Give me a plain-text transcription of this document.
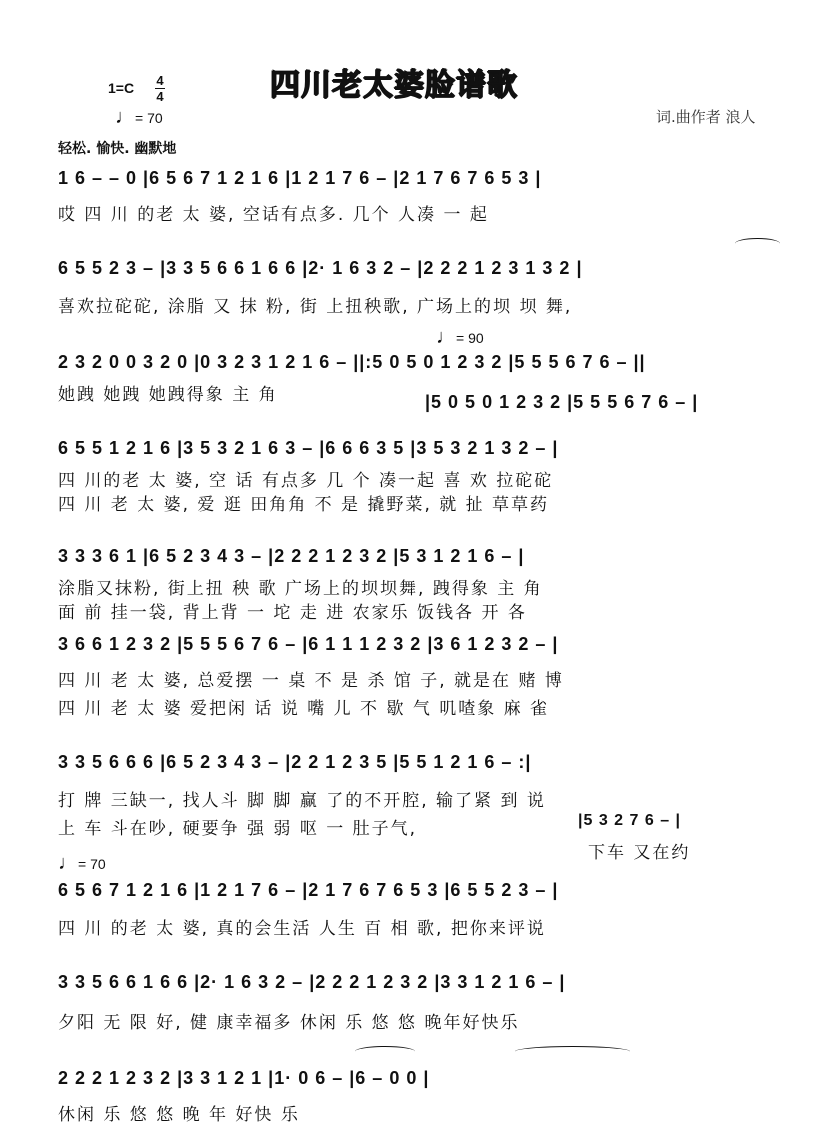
四川老太婆脸谱歌
1=C 4
4
♩= 70	词.曲作者 浪人
轻松. 愉快. 幽默地
1 6 – – 0 |6 5 6 7 1 2 1 6 |1 2 1 7 6 – |2 1 7 6 7 6 5 3 |
哎 四 川 的老 太 婆, 空话有点多. 几个 人凑 一 起
6 5 5 2 3 – |3 3 5 6 6 1 6 6 |2· 1 6 3 2 – |2 2 2 1 2 3 1 3 2 |
喜欢拉砣砣, 涂脂 又 抹 粉, 街 上扭秧歌, 广场上的坝 坝 舞,
♩= 90
2 3 2 0 0 3 2 0 |0 3 2 3 1 2 1 6 – ||:5 0 5 0 1 2 3 2 |5 5 5 6 7 6 – ||
|5 0 5 0 1 2 3 2 |5 5 5 6 7 6 – |
她跩 她跩 她跩得象 主 角
6 5 5 1 2 1 6 |3 5 3 2 1 6 3 – |6 6 6 3 5 |3 5 3 2 1 3 2 – |
四 川的老 太 婆, 空 话 有点多 几 个 凑一起 喜 欢 拉砣砣
四 川 老 太 婆, 爱 逛 田角角 不 是 撬野菜, 就 扯 草草药
3 3 3 6 1 |6 5 2 3 4 3 – |2 2 2 1 2 3 2 |5 3 1 2 1 6 – |
涂脂又抹粉, 街上扭 秧 歌 广场上的坝坝舞, 跩得象 主 角
面 前 挂一袋, 背上背 一 坨 走 进 农家乐 饭钱各 开 各
3 6 6 1 2 3 2 |5 5 5 6 7 6 – |6 1 1 1 2 3 2 |3 6 1 2 3 2 – |
四 川 老 太 婆, 总爱摆 一 桌 不 是 杀 馆 子, 就是在 赌 博
四 川 老 太 婆 爱把闲 话 说 嘴 儿 不 歇 气 叽喳象 麻 雀
3 3 5 6 6 6 |6 5 2 3 4 3 – |2 2 1 2 3 5 |5 5 1 2 1 6 – :|
打 牌 三缺一, 找人斗 脚 脚 赢 了的不开腔, 输了紧 到 说
上 车 斗在吵, 硬要争 强 弱 呕 一 肚子气,	|5 3 2 7 6 – |
下车 又在约
♩= 70
6 5 6 7 1 2 1 6 |1 2 1 7 6 – |2 1 7 6 7 6 5 3 |6 5 5 2 3 – |
四 川 的老 太 婆, 真的会生活 人生 百 相 歌, 把你来评说
3 3 5 6 6 1 6 6 |2· 1 6 3 2 – |2 2 2 1 2 3 2 |3 3 1 2 1 6 – |
夕阳 无 限 好, 健 康幸福多 休闲 乐 悠 悠 晚年好快乐
2 2 2 1 2 3 2 |3 3 1 2 1 |1· 0 6 – |6 – 0 0 |
休闲 乐 悠 悠 晚 年 好快 乐
